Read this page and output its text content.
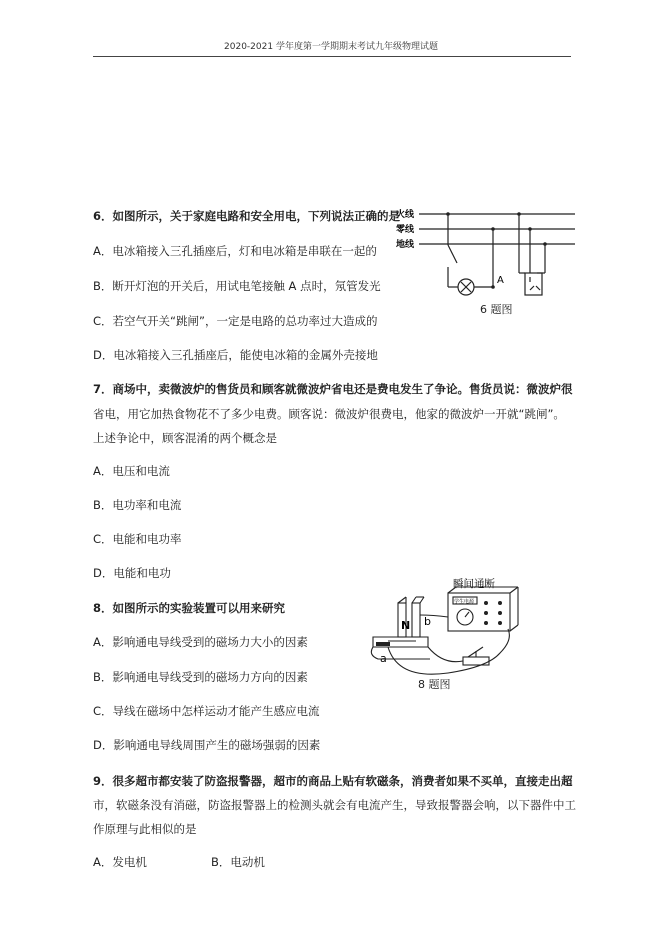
2020-2021 学年度第一学期期末考试九年级物理试题
6．如图所示，关于家庭电路和安全用电，下列说法正确的是
A．电冰箱接入三孔插座后，灯和电冰箱是串联在一起的
B．断开灯泡的开关后，用试电笔接触 A 点时，氖管发光
C．若空气开关“跳闸”，一定是电路的总功率过大造成的
D．电冰箱接入三孔插座后，能使电冰箱的金属外壳接地
火线
零线
地线
A
6 题图
7．商场中，卖微波炉的售货员和顾客就微波炉省电还是费电发生了争论。售货员说：微波炉很
省电，用它加热食物花不了多少电费。顾客说：微波炉很费电，他家的微波炉一开就“跳闸”。
上述争论中，顾客混淆的两个概念是
A．电压和电流
B．电功率和电流
C．电能和电功率
D．电能和电功
8．如图所示的实验装置可以用来研究
A．影响通电导线受到的磁场力大小的因素
B．影响通电导线受到的磁场力方向的因素
C．导线在磁场中怎样运动才能产生感应电流
D．影响通电导线周围产生的磁场强弱的因素
瞬间通断
学生电源
N b
a
8 题图
9．很多超市都安装了防盗报警器，超市的商品上贴有软磁条，消费者如果不买单，直接走出超
市，软磁条没有消磁，防盗报警器上的检测头就会有电流产生，导致报警器会响，以下器件中工
作原理与此相似的是
A．发电机	B．电动机
